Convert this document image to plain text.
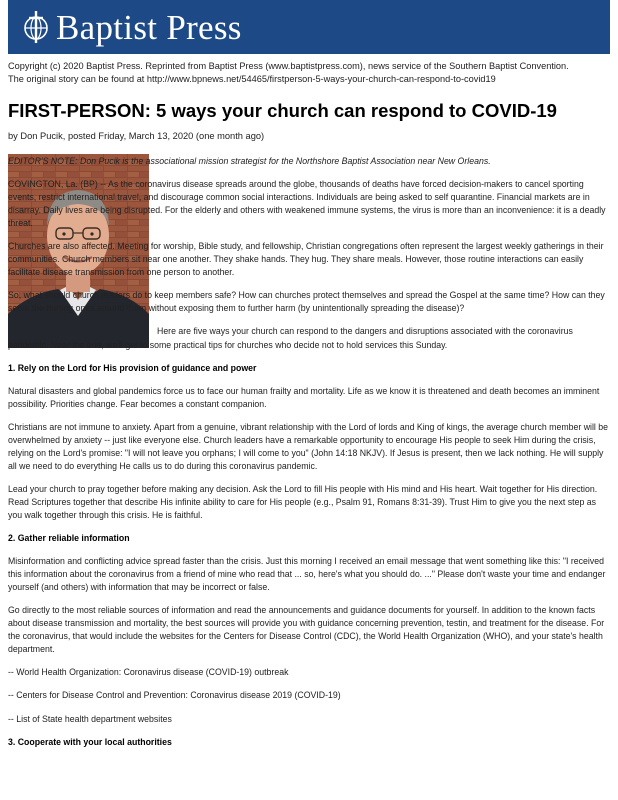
Baptist Press
Copyright (c) 2020 Baptist Press. Reprinted from Baptist Press (www.baptistpress.com), news service of the Southern Baptist Convention.
The original story can be found at http://www.bpnews.net/54465/firstperson-5-ways-your-church-can-respond-to-covid19
FIRST-PERSON: 5 ways your church can respond to COVID-19
by Don Pucik, posted Friday, March 13, 2020 (one month ago)

EDITOR'S NOTE: Don Pucik is the associational mission strategist for the Northshore Baptist Association near New Orleans.

COVINGTON, La. (BP) -- As the coronavirus disease spreads around the globe, thousands of deaths have forced decision-makers to cancel sporting events, restrict international travel, and discourage common social interactions. Individuals are being asked to self quarantine. Financial markets are in disarray. Daily lives are being disrupted. For the elderly and others with weakened immune systems, the virus is more than an inconvenience: it is a deadly threat.

Churches are also affected. Meeting for worship, Bible study, and fellowship, Christian congregations often represent the largest weekly gatherings in their communities. Church members sit near one another. They shake hands. They hug. They share meals. However, those routine interactions can easily facilitate disease transmission from one person to another.

So, what should church leaders do to keep members safe? How can churches protect themselves and spread the Gospel at the same time? How can they serve the hurting ones around them without exposing them to further harm (by unintentionally spreading the disease)?

Here are five ways your church can respond to the dangers and disruptions associated with the coronavirus pandemic. Near the end, we'll get to some practical tips for churches who decide not to hold services this Sunday.

1. Rely on the Lord for His provision of guidance and power

Natural disasters and global pandemics force us to face our human frailty and mortality. Life as we know it is threatened and death becomes an imminent possibility. Priorities change. Fear becomes a constant companion.

Christians are not immune to anxiety. Apart from a genuine, vibrant relationship with the Lord of lords and King of kings, the average church member will be overwhelmed by anxiety -- just like everyone else. Church leaders have a remarkable opportunity to encourage His people to seek Him during the crisis, relying on the Lord's promise: "I will not leave you orphans; I will come to you" (John 14:18 NKJV). If Jesus is present, then we lack nothing. He will supply all we need to do everything He calls us to do during this coronavirus pandemic.

Lead your church to pray together before making any decision. Ask the Lord to fill His people with His mind and His heart. Wait together for His direction. Read Scriptures together that describe His infinite ability to care for His people (e.g., Psalm 91, Romans 8:31-39). Trust Him to give you the next step as you walk together through this crisis. He is faithful.

2. Gather reliable information

Misinformation and conflicting advice spread faster than the crisis. Just this morning I received an email message that went something like this: "I received this information about the coronavirus from a friend of mine who read that ... so, here's what you should do. ..." Please don't waste your time and endanger yourself (and others) with information that may be incorrect or false.

Go directly to the most reliable sources of information and read the announcements and guidance documents for yourself. In addition to the known facts about disease transmission and mortality, the best sources will provide you with guidance concerning prevention, testin, and treatment for the disease. For the coronavirus, that would include the websites for the Centers for Disease Control (CDC), the World Health Organization (WHO), and your state's health department.

-- World Health Organization: Coronavirus disease (COVID-19) outbreak

-- Centers for Disease Control and Prevention: Coronavirus disease 2019 (COVID-19)

-- List of State health department websites

3. Cooperate with your local authorities
